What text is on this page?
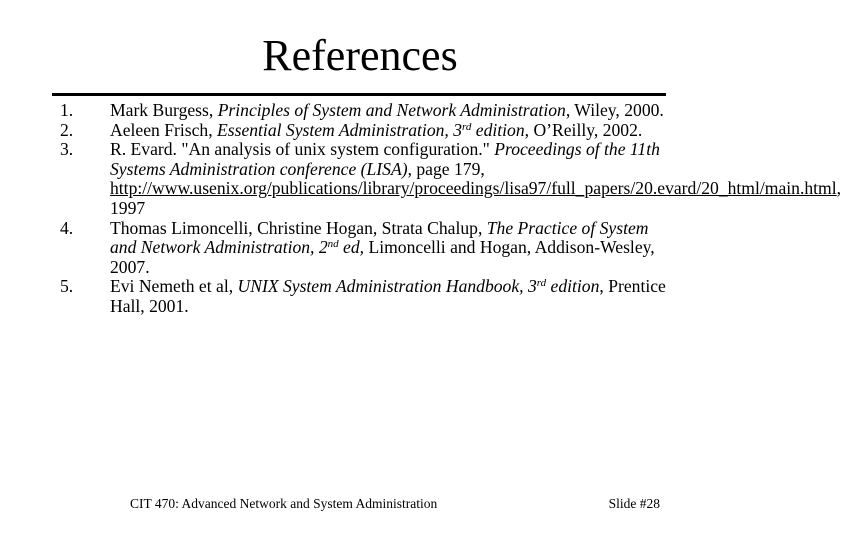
References
1. Mark Burgess, Principles of System and Network Administration, Wiley, 2000.
2. Aeleen Frisch, Essential System Administration, 3rd edition, O’Reilly, 2002.
3. R. Evard. "An analysis of unix system configuration." Proceedings of the 11th Systems Administration conference (LISA), page 179, http://www.usenix.org/publications/library/proceedings/lisa97/full_papers/20.evard/20_html/main.html, 1997
4. Thomas Limoncelli, Christine Hogan, Strata Chalup, The Practice of System and Network Administration, 2nd ed, Limoncelli and Hogan, Addison-Wesley, 2007.
5. Evi Nemeth et al, UNIX System Administration Handbook, 3rd edition, Prentice Hall, 2001.
CIT 470: Advanced Network and System Administration	Slide #28
